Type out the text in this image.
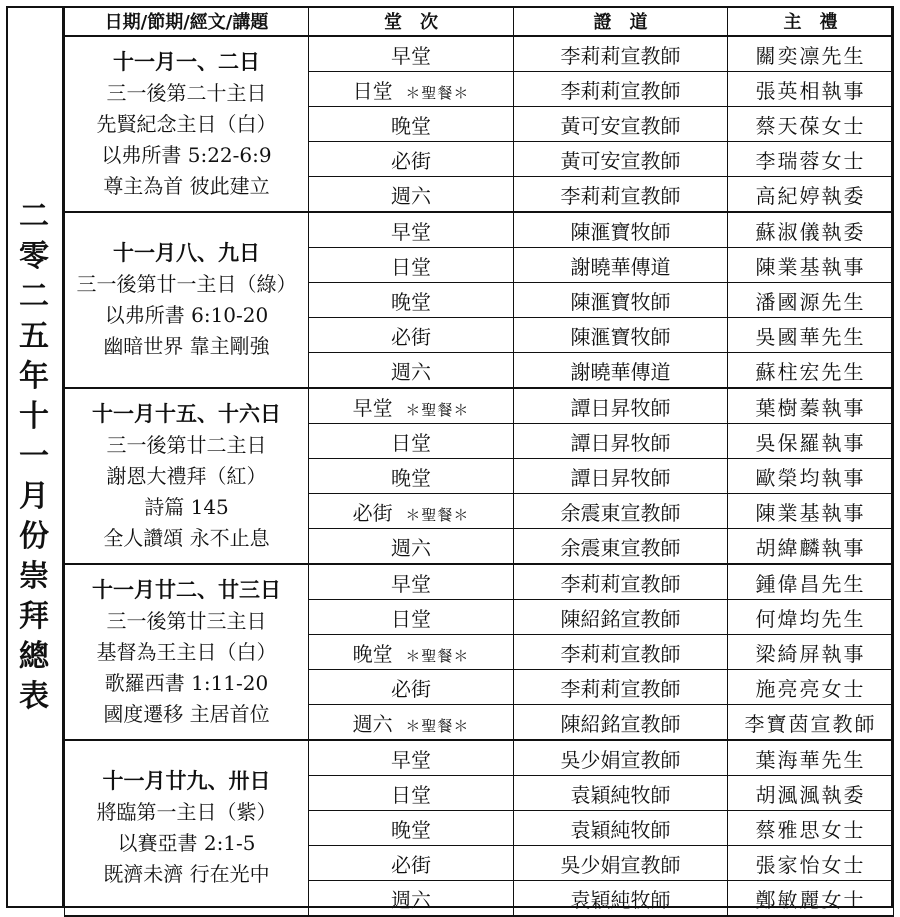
二
零
二
五
年
十
一
月
份
崇
拜
總
表
日期/節期/經文/講題	堂　次	證　道	主　禮

十一月一、二日
三一後第二十主日
先賢紀念主日（白）
以弗所書 5:22-6:9
尊主為首 彼此建立	早堂	李莉莉宣教師	關奕凛先生
	日堂 ＊聖餐＊	李莉莉宣教師	張英相執事
	晚堂	黃可安宣教師	蔡天葆女士
	必街	黃可安宣教師	李瑞蓉女士
	週六	李莉莉宣教師	高紀婷執委

十一月八、九日
三一後第廿一主日（綠）
以弗所書 6:10-20
幽暗世界 靠主剛強	早堂	陳滙寶牧師	蘇淑儀執委
	日堂	謝曉華傳道	陳業基執事
	晚堂	陳滙寶牧師	潘國源先生
	必街	陳滙寶牧師	吳國華先生
	週六	謝曉華傳道	蘇柱宏先生

十一月十五、十六日
三一後第廿二主日
謝恩大禮拜（紅）
詩篇 145
全人讚頌 永不止息	早堂 ＊聖餐＊	譚日昇牧師	葉樹蓁執事
	日堂	譚日昇牧師	吳保羅執事
	晚堂	譚日昇牧師	歐榮均執事
	必街 ＊聖餐＊	余震東宣教師	陳業基執事
	週六	余震東宣教師	胡緯麟執事

十一月廿二、廿三日
三一後第廿三主日
基督為王主日（白）
歌羅西書 1:11-20
國度遷移 主居首位	早堂	李莉莉宣教師	鍾偉昌先生
	日堂	陳紹銘宣教師	何煒均先生
	晚堂 ＊聖餐＊	李莉莉宣教師	梁綺屏執事
	必街	李莉莉宣教師	施亮亮女士
	週六 ＊聖餐＊	陳紹銘宣教師	李寶茵宣教師

十一月廿九、卅日
將臨第一主日（紫）
以賽亞書 2:1-5
既濟未濟 行在光中	早堂	吳少娟宣教師	葉海華先生
	日堂	袁穎純牧師	胡渢渢執委
	晚堂	袁穎純牧師	蔡雅思女士
	必街	吳少娟宣教師	張家怡女士
	週六	袁穎純牧師	鄭敏麗女士
